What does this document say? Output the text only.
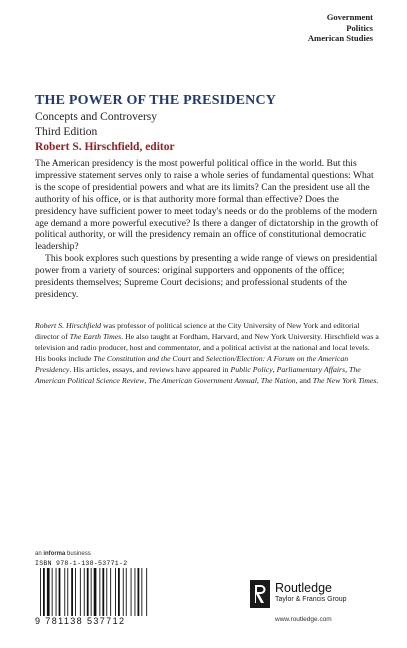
Government
Politics
American Studies
THE POWER OF THE PRESIDENCY
Concepts and Controversy
Third Edition
Robert S. Hirschfield, editor

The American presidency is the most powerful political office in the world. But this impressive statement serves only to raise a whole series of fundamental questions: What is the scope of presidential powers and what are its limits? Can the president use all the authority of his office, or is that authority more formal than effective? Does the presidency have sufficient power to meet today's needs or do the problems of the modern age demand a more powerful executive? Is there a danger of dictatorship in the growth of political authority, or will the presidency remain an office of constitutional democratic leadership?

This book explores such questions by presenting a wide range of views on presidential power from a variety of sources: original supporters and opponents of the office; presidents themselves; Supreme Court decisions; and professional students of the presidency.

Robert S. Hirschfield was professor of political science at the City University of New York and editorial director of The Earth Times. He also taught at Fordham, Harvard, and New York University. Hirschfield was a television and radio producer, host and commentator, and a political activist at the national and local levels. His books include The Constitution and the Court and Selection/Election: A Forum on the American Presidency. His articles, essays, and reviews have appeared in Public Policy, Parliamentary Affairs, The American Political Science Review, The American Government Annual, The Nation, and The New York Times.
an informa business
ISBN 978-1-138-53771-2
9 781138 537712
Routledge
Taylor & Francis Group
www.routledge.com
